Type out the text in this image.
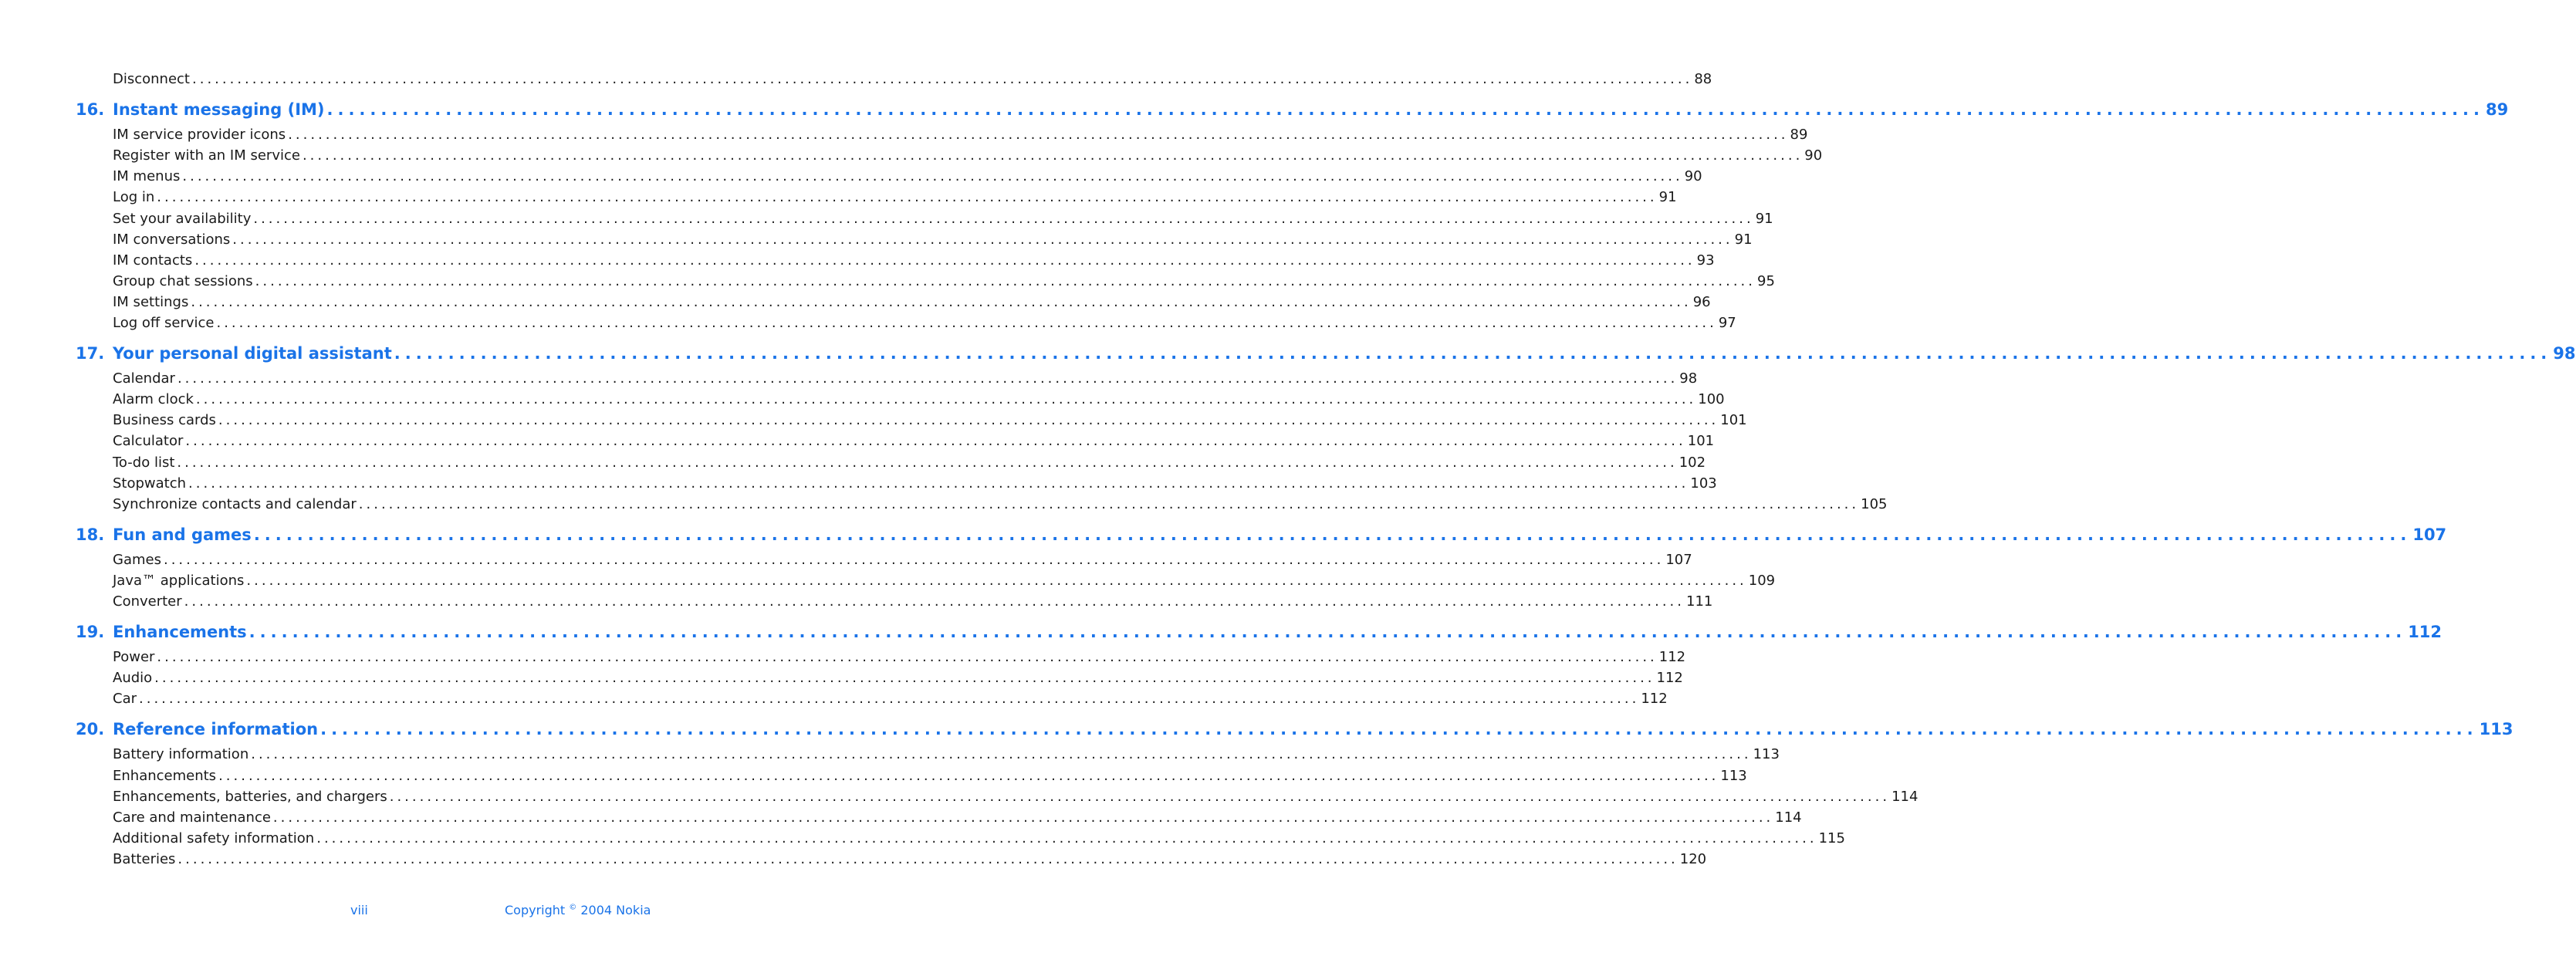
Disconnect ........................................................................................................................................................................................................ 88
16. Instant messaging (IM) ........................................................................................................................................................................................................ 89
IM service provider icons ........................................................................................................................................................................................................ 89
Register with an IM service ........................................................................................................................................................................................................ 90
IM menus ........................................................................................................................................................................................................ 90
Log in ........................................................................................................................................................................................................ 91
Set your availability ........................................................................................................................................................................................................ 91
IM conversations ........................................................................................................................................................................................................ 91
IM contacts ........................................................................................................................................................................................................ 93
Group chat sessions ........................................................................................................................................................................................................ 95
IM settings ........................................................................................................................................................................................................ 96
Log off service ........................................................................................................................................................................................................ 97
17. Your personal digital assistant ........................................................................................................................................................................................................ 98
Calendar ........................................................................................................................................................................................................ 98
Alarm clock ........................................................................................................................................................................................................ 100
Business cards ........................................................................................................................................................................................................ 101
Calculator ........................................................................................................................................................................................................ 101
To-do list ........................................................................................................................................................................................................ 102
Stopwatch ........................................................................................................................................................................................................ 103
Synchronize contacts and calendar ........................................................................................................................................................................................................ 105
18. Fun and games ........................................................................................................................................................................................................ 107
Games ........................................................................................................................................................................................................ 107
Java™ applications ........................................................................................................................................................................................................ 109
Converter ........................................................................................................................................................................................................ 111
19. Enhancements ........................................................................................................................................................................................................ 112
Power ........................................................................................................................................................................................................ 112
Audio ........................................................................................................................................................................................................ 112
Car ........................................................................................................................................................................................................ 112
20. Reference information ........................................................................................................................................................................................................ 113
Battery information ........................................................................................................................................................................................................ 113
Enhancements ........................................................................................................................................................................................................ 113
Enhancements, batteries, and chargers ........................................................................................................................................................................................................ 114
Care and maintenance ........................................................................................................................................................................................................ 114
Additional safety information ........................................................................................................................................................................................................ 115
Batteries ........................................................................................................................................................................................................ 120
viii	Copyright © 2004 Nokia
